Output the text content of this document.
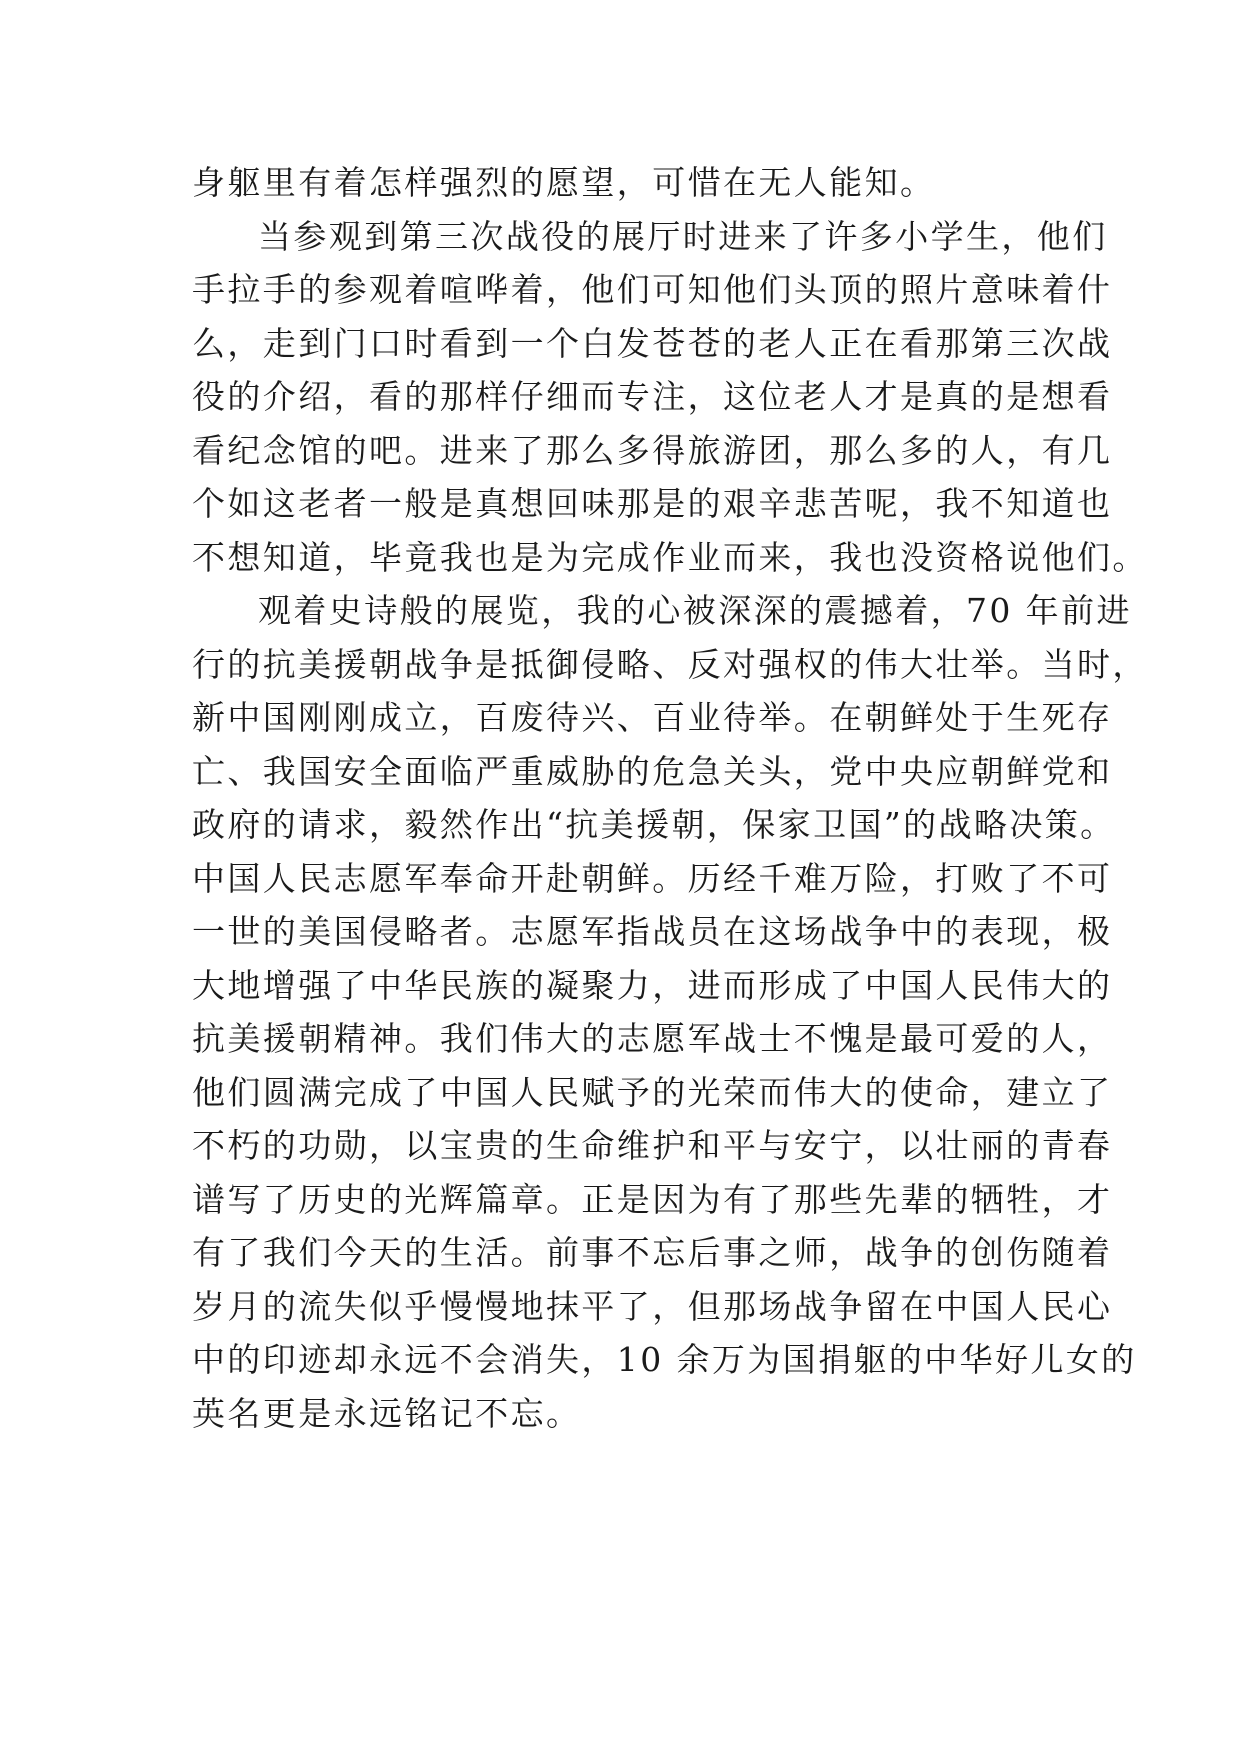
身躯里有着怎样强烈的愿望，可惜在无人能知。
当参观到第三次战役的展厅时进来了许多小学生，他们
手拉手的参观着喧哗着，他们可知他们头顶的照片意味着什
么，走到门口时看到一个白发苍苍的老人正在看那第三次战
役的介绍，看的那样仔细而专注，这位老人才是真的是想看
看纪念馆的吧。进来了那么多得旅游团，那么多的人，有几
个如这老者一般是真想回味那是的艰辛悲苦呢，我不知道也
不想知道，毕竟我也是为完成作业而来，我也没资格说他们。
观着史诗般的展览，我的心被深深的震撼着，70 年前进
行的抗美援朝战争是抵御侵略、反对强权的伟大壮举。当时，
新中国刚刚成立，百废待兴、百业待举。在朝鲜处于生死存
亡、我国安全面临严重威胁的危急关头，党中央应朝鲜党和
政府的请求，毅然作出“抗美援朝，保家卫国”的战略决策。
中国人民志愿军奉命开赴朝鲜。历经千难万险，打败了不可
一世的美国侵略者。志愿军指战员在这场战争中的表现，极
大地增强了中华民族的凝聚力，进而形成了中国人民伟大的
抗美援朝精神。我们伟大的志愿军战士不愧是最可爱的人，
他们圆满完成了中国人民赋予的光荣而伟大的使命，建立了
不朽的功勋，以宝贵的生命维护和平与安宁，以壮丽的青春
谱写了历史的光辉篇章。正是因为有了那些先辈的牺牲，才
有了我们今天的生活。前事不忘后事之师，战争的创伤随着
岁月的流失似乎慢慢地抹平了，但那场战争留在中国人民心
中的印迹却永远不会消失，10 余万为国捐躯的中华好儿女的
英名更是永远铭记不忘。
